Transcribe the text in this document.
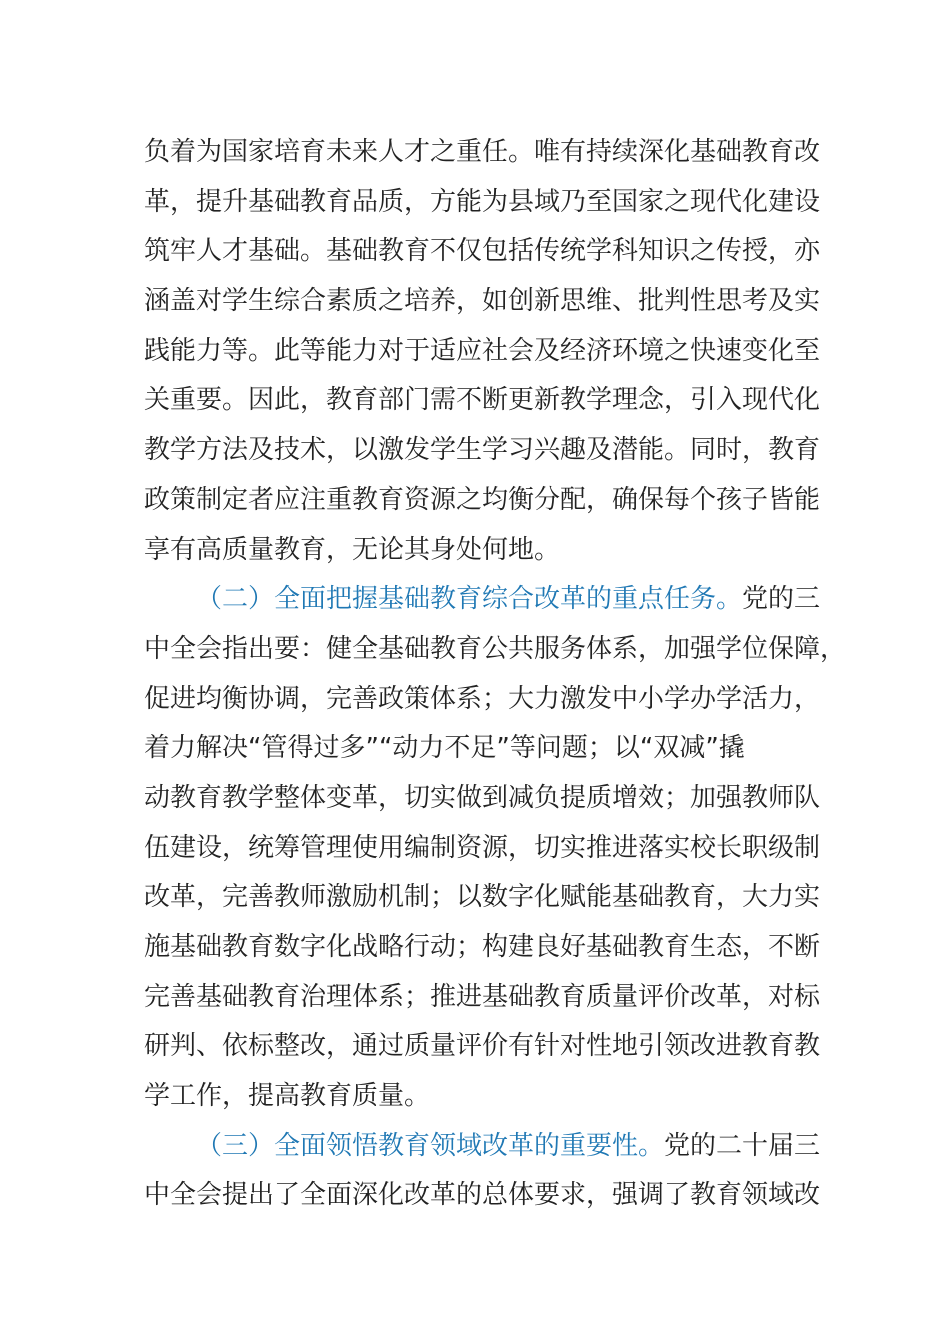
负着为国家培育未来人才之重任。唯有持续深化基础教育改
革，提升基础教育品质，方能为县域乃至国家之现代化建设
筑牢人才基础。基础教育不仅包括传统学科知识之传授，亦
涵盖对学生综合素质之培养，如创新思维、批判性思考及实
践能力等。此等能力对于适应社会及经济环境之快速变化至
关重要。因此，教育部门需不断更新教学理念，引入现代化
教学方法及技术，以激发学生学习兴趣及潜能。同时，教育
政策制定者应注重教育资源之均衡分配，确保每个孩子皆能
享有高质量教育，无论其身处何地。
（二）全面把握基础教育综合改革的重点任务。党的三
中全会指出要：健全基础教育公共服务体系，加强学位保障，
促进均衡协调，完善政策体系；大力激发中小学办学活力，
着力解决“管得过多”“动力不足”等问题；以“双减”撬
动教育教学整体变革，切实做到减负提质增效；加强教师队
伍建设，统筹管理使用编制资源，切实推进落实校长职级制
改革，完善教师激励机制；以数字化赋能基础教育，大力实
施基础教育数字化战略行动；构建良好基础教育生态，不断
完善基础教育治理体系；推进基础教育质量评价改革，对标
研判、依标整改，通过质量评价有针对性地引领改进教育教
学工作，提高教育质量。
（三）全面领悟教育领域改革的重要性。党的二十届三
中全会提出了全面深化改革的总体要求，强调了教育领域改
